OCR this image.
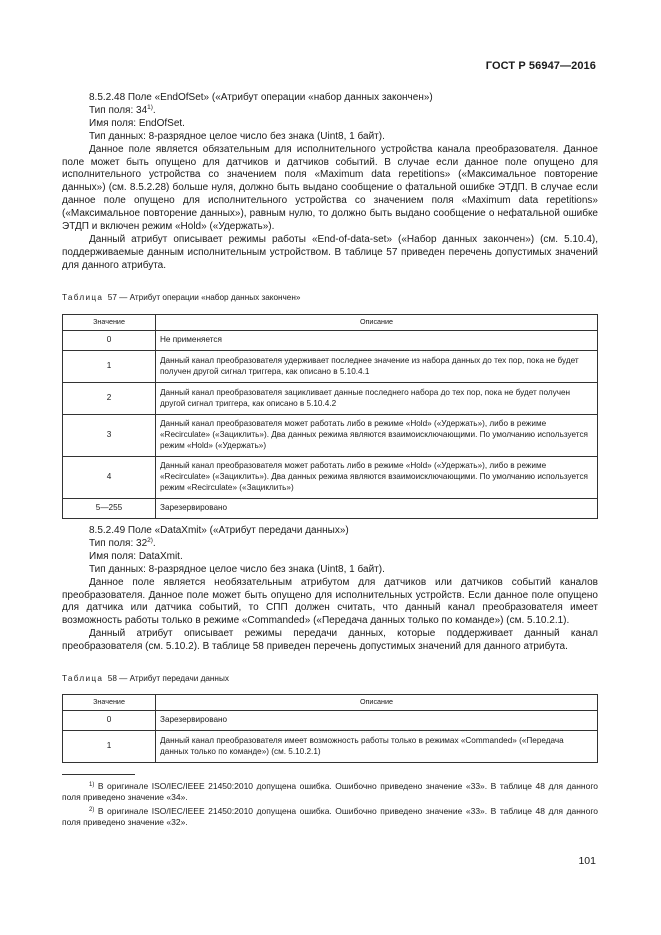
ГОСТ Р 56947—2016

8.5.2.48 Поле «EndOfSet» («Атрибут операции «набор данных закончен»)

Тип поля: 34$^{1)}$.

Имя поля: EndOfSet.

Тип данных: 8-разрядное целое число без знака (Uint8, 1 байт).

Данное поле является обязательным для исполнительного устройства канала преобразователя. Данное поле может быть опущено для датчиков и датчиков событий. В случае если данное поле опущено для исполнительного устройства со значением поля «Maximum data repetitions» («Максимальное повторение данных») (см. 8.5.2.28) больше нуля, должно быть выдано сообщение о фатальной ошибке ЭТДП. В случае если данное поле опущено для исполнительного устройства со значением поля «Maximum data repetitions» («Максимальное повторение данных»), равным нулю, то должно быть выдано сообщение о нефатальной ошибке ЭТДП и включен режим «Hold» («Удержать»).

Данный атрибут описывает режимы работы «End-of-data-set» («Набор данных закончен») (см. 5.10.4), поддерживаемые данным исполнительным устройством. В таблице 57 приведен перечень допустимых значений для данного атрибута.

Таблица 57 — Атрибут операции «набор данных закончен»
Значение	Описание
0	Не применяется
1	Данный канал преобразователя удерживает последнее значение из набора данных до тех пор, пока не будет получен другой сигнал триггера, как описано в 5.10.4.1
2	Данный канал преобразователя зацикливает данные последнего набора до тех пор, пока не будет получен другой сигнал триггера, как описано в 5.10.4.2
3	Данный канал преобразователя может работать либо в режиме «Hold» («Удержать»), либо в режиме «Recirculate» («Зациклить»). Два данных режима являются взаимоисключающими. По умолчанию используется режим «Hold» («Удержать»)
4	Данный канал преобразователя может работать либо в режиме «Hold» («Удержать»), либо в режиме «Recirculate» («Зациклить»). Два данных режима являются взаимоисключающими. По умолчанию используется режим «Recirculate» («Зациклить»)
5—255	Зарезервировано

8.5.2.49 Поле «DataXmit» («Атрибут передачи данных»)

Тип поля: 32$^{2)}$.

Имя поля: DataXmit.

Тип данных: 8-разрядное целое число без знака (Uint8, 1 байт).

Данное поле является необязательным атрибутом для датчиков или датчиков событий каналов преобразователя. Данное поле может быть опущено для исполнительных устройств. Если данное поле опущено для датчика или датчика событий, то СПП должен считать, что данный канал преобразователя имеет возможность работы только в режиме «Commanded» («Передача данных только по команде») (см. 5.10.2.1).

Данный атрибут описывает режимы передачи данных, которые поддерживает данный канал преобразователя (см. 5.10.2). В таблице 58 приведен перечень допустимых значений для данного атрибута.

Таблица 58 — Атрибут передачи данных
Значение	Описание
0	Зарезервировано
1	Данный канал преобразователя имеет возможность работы только в режимах «Commanded» («Передача данных только по команде») (см. 5.10.2.1)

$^{1)}$ В оригинале ISO/IEC/IEEE 21450:2010 допущена ошибка. Ошибочно приведено значение «33». В таблице 48 для данного поля приведено значение «34».

$^{2)}$ В оригинале ISO/IEC/IEEE 21450:2010 допущена ошибка. Ошибочно приведено значение «33». В таблице 48 для данного поля приведено значение «32».

101
